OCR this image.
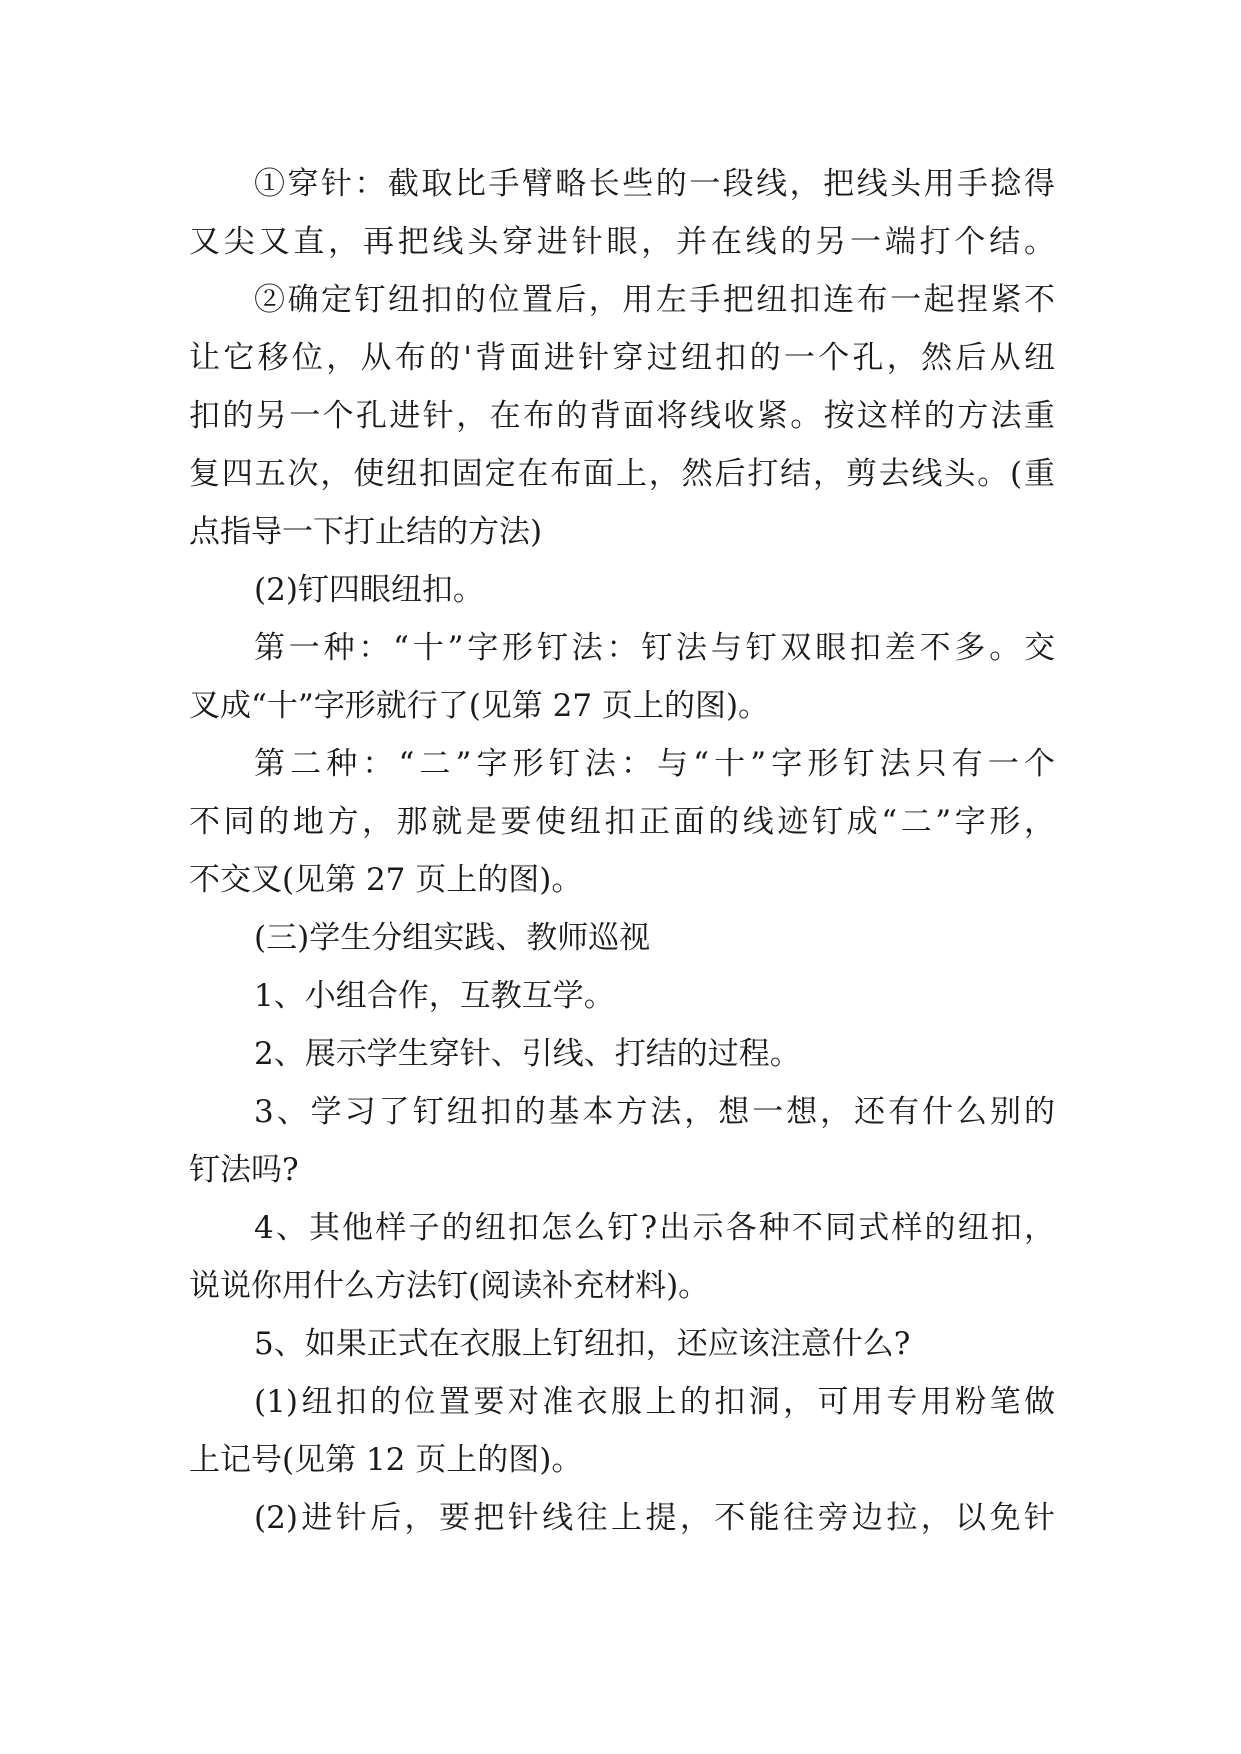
①穿针：截取比手臂略长些的一段线，把线头用手捻得
又尖又直，再把线头穿进针眼，并在线的另一端打个结。
②确定钉纽扣的位置后，用左手把纽扣连布一起捏紧不
让它移位，从布的'背面进针穿过纽扣的一个孔，然后从纽
扣的另一个孔进针，在布的背面将线收紧。按这样的方法重
复四五次，使纽扣固定在布面上，然后打结，剪去线头。(重
点指导一下打止结的方法)
(2)钉四眼纽扣。
第一种：“十”字形钉法：钉法与钉双眼扣差不多。交
叉成“十”字形就行了(见第 27 页上的图)。
第二种：“二”字形钉法：与“十”字形钉法只有一个
不同的地方，那就是要使纽扣正面的线迹钉成“二”字形，
不交叉(见第 27 页上的图)。
(三)学生分组实践、教师巡视
1、小组合作，互教互学。
2、展示学生穿针、引线、打结的过程。
3、学习了钉纽扣的基本方法，想一想，还有什么别的
钉法吗?
4、其他样子的纽扣怎么钉?出示各种不同式样的纽扣，
说说你用什么方法钉(阅读补充材料)。
5、如果正式在衣服上钉纽扣，还应该注意什么?
(1)纽扣的位置要对准衣服上的扣洞，可用专用粉笔做
上记号(见第 12 页上的图)。
(2)进针后，要把针线往上提，不能往旁边拉，以免针
